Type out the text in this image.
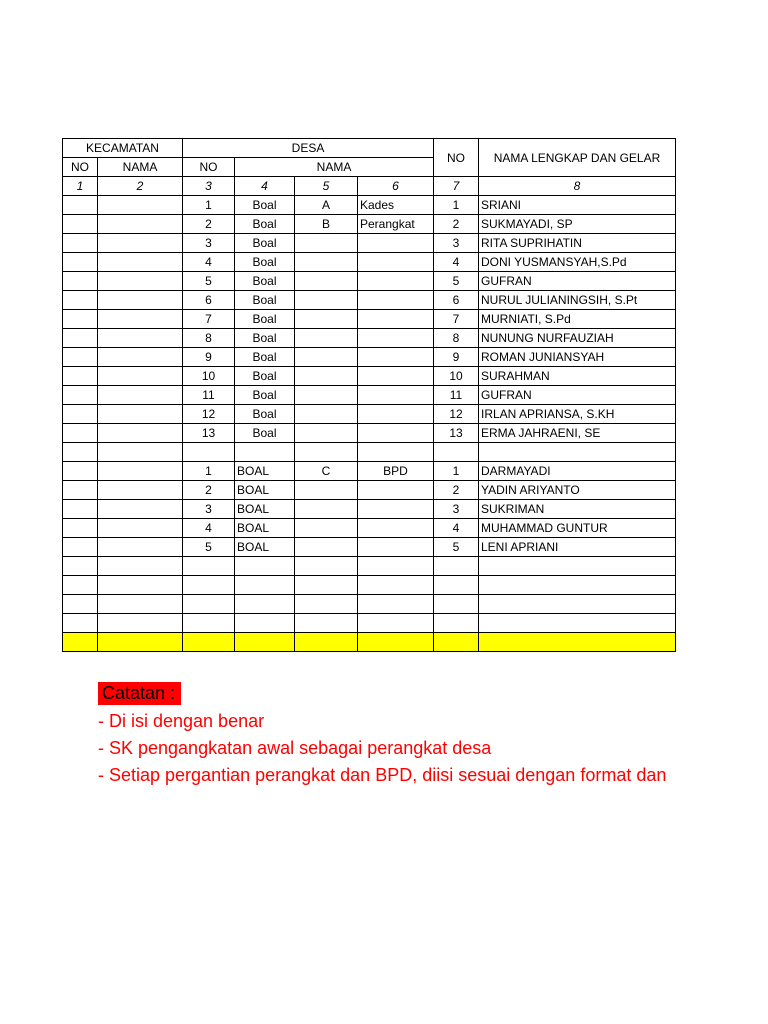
KECAMATAN		DESA				NO	NAMA LENGKAP DAN GELAR
NO	NAMA	NO	NAMA				
1	2	3	4	5	6	7	8
		1	Boal	A	Kades	1	SRIANI
		2	Boal	B	Perangkat	2	SUKMAYADI, SP
		3	Boal			3	RITA SUPRIHATIN
		4	Boal			4	DONI YUSMANSYAH,S.Pd
		5	Boal			5	GUFRAN
		6	Boal			6	NURUL JULIANINGSIH, S.Pt
		7	Boal			7	MURNIATI, S.Pd
		8	Boal			8	NUNUNG NURFAUZIAH
		9	Boal			9	ROMAN JUNIANSYAH
		10	Boal			10	SURAHMAN
		11	Boal			11	GUFRAN
		12	Boal			12	IRLAN APRIANSA, S.KH
		13	Boal			13	ERMA JAHRAENI, SE

		1	BOAL	C	BPD	1	DARMAYADI
		2	BOAL			2	YADIN ARIYANTO
		3	BOAL			3	SUKRIMAN
		4	BOAL			4	MUHAMMAD GUNTUR
		5	BOAL			5	LENI APRIANI

Catatan :
- Di isi dengan benar
- SK pengangkatan awal sebagai perangkat desa
- Setiap pergantian perangkat dan BPD, diisi sesuai dengan format dan
